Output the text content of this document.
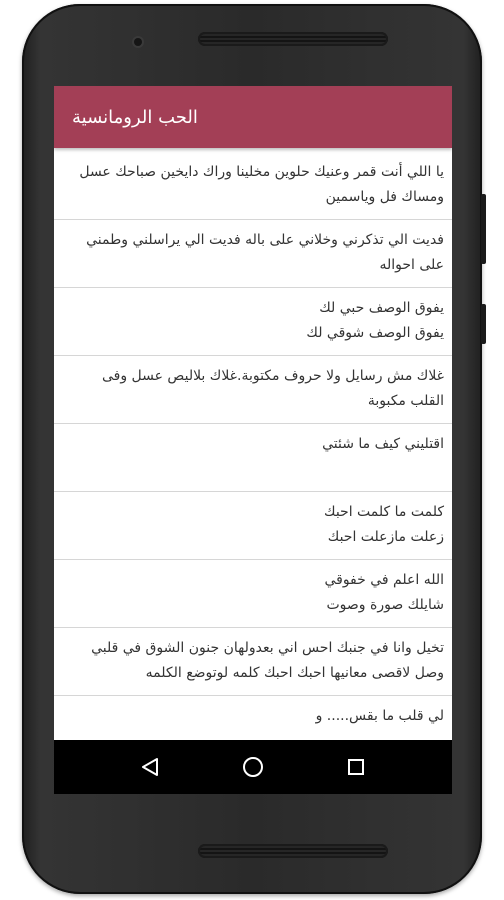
الحب الرومانسية
يا اللي أنت قمر وعنيك حلوين مخلينا وراك دايخين صباحك عسل ومساك فل وياسمين
فديت الي تذكرني وخلاني على باله فديت الي يراسلني وطمني على احواله
يفوق الوصف حبي لك
يفوق الوصف شوقي لك
غلاك مش رسايل ولا حروف مكتوبة.غلاك بلاليص عسل وفى القلب مكبوبة
اقتليني كيف ما شئتي
كلمت ما كلمت احبك
زعلت مازعلت احبك
الله اعلم في خفوقي
شايلك صورة وصوت
تخيل وانا في جنبك احس اني بعدولهان جنون الشوق في قلبي وصل لاقصى معانيها احبك احبك كلمه لوتوضع الكلمه
لي قلب ما بقس..... و
